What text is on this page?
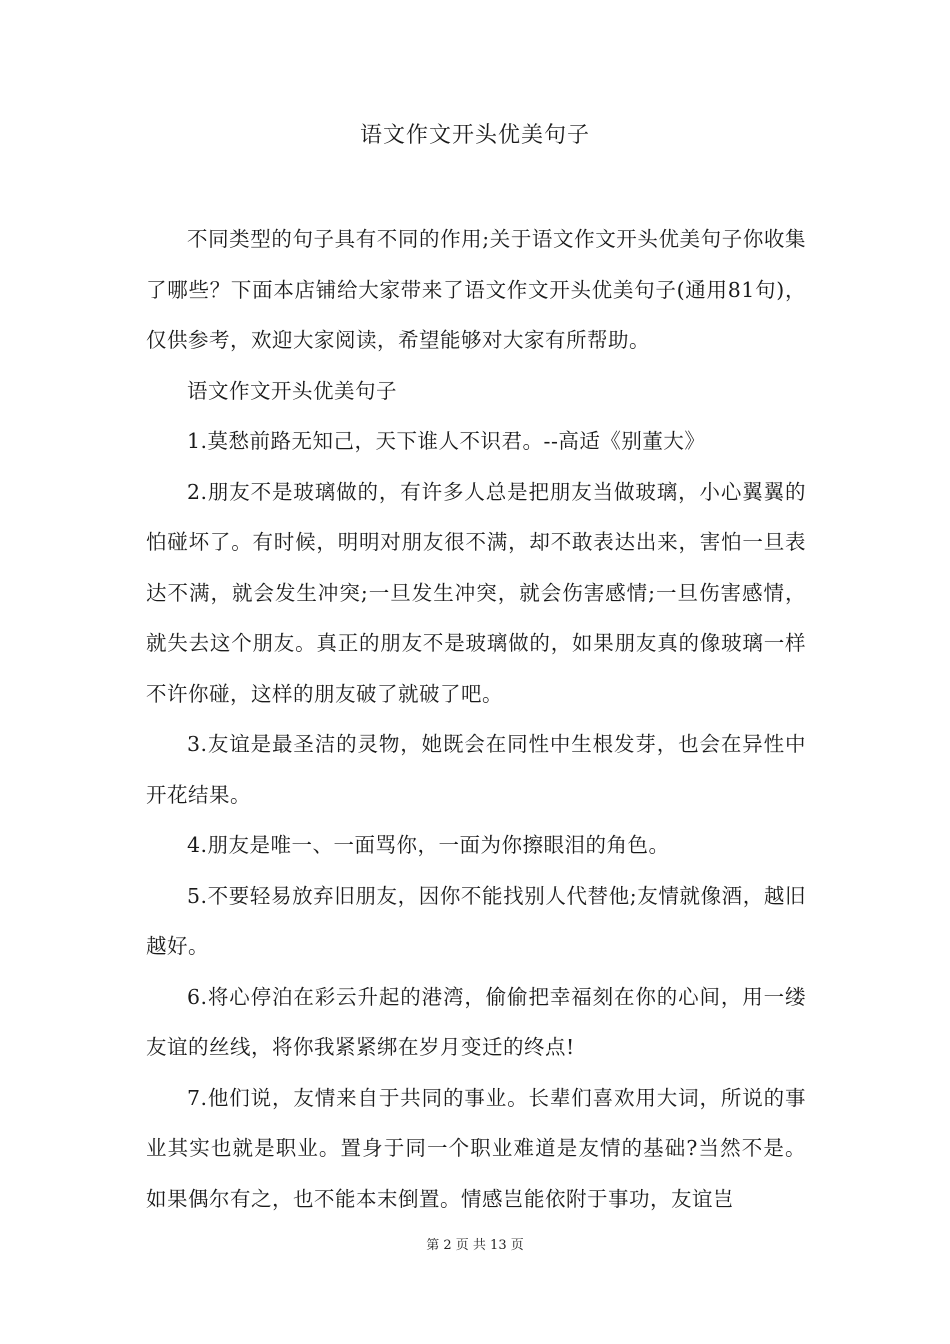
语文作文开头优美句子

不同类型的句子具有不同的作用;关于语文作文开头优美句子你收集了哪些？下面本店铺给大家带来了语文作文开头优美句子(通用81句)，仅供参考，欢迎大家阅读，希望能够对大家有所帮助。

语文作文开头优美句子

1.莫愁前路无知己，天下谁人不识君。--高适《别董大》

2.朋友不是玻璃做的，有许多人总是把朋友当做玻璃，小心翼翼的怕碰坏了。有时候，明明对朋友很不满，却不敢表达出来，害怕一旦表达不满，就会发生冲突;一旦发生冲突，就会伤害感情;一旦伤害感情，就失去这个朋友。真正的朋友不是玻璃做的，如果朋友真的像玻璃一样不许你碰，这样的朋友破了就破了吧。

3.友谊是最圣洁的灵物，她既会在同性中生根发芽，也会在异性中开花结果。

4.朋友是唯一、一面骂你，一面为你擦眼泪的角色。

5.不要轻易放弃旧朋友，因你不能找别人代替他;友情就像酒，越旧越好。

6.将心停泊在彩云升起的港湾，偷偷把幸福刻在你的心间，用一缕友谊的丝线，将你我紧紧绑在岁月变迁的终点!

7.他们说，友情来自于共同的事业。长辈们喜欢用大词，所说的事业其实也就是职业。置身于同一个职业难道是友情的基础?当然不是。如果偶尔有之，也不能本末倒置。情感岂能依附于事功，友谊岂

第 2 页 共 13 页
